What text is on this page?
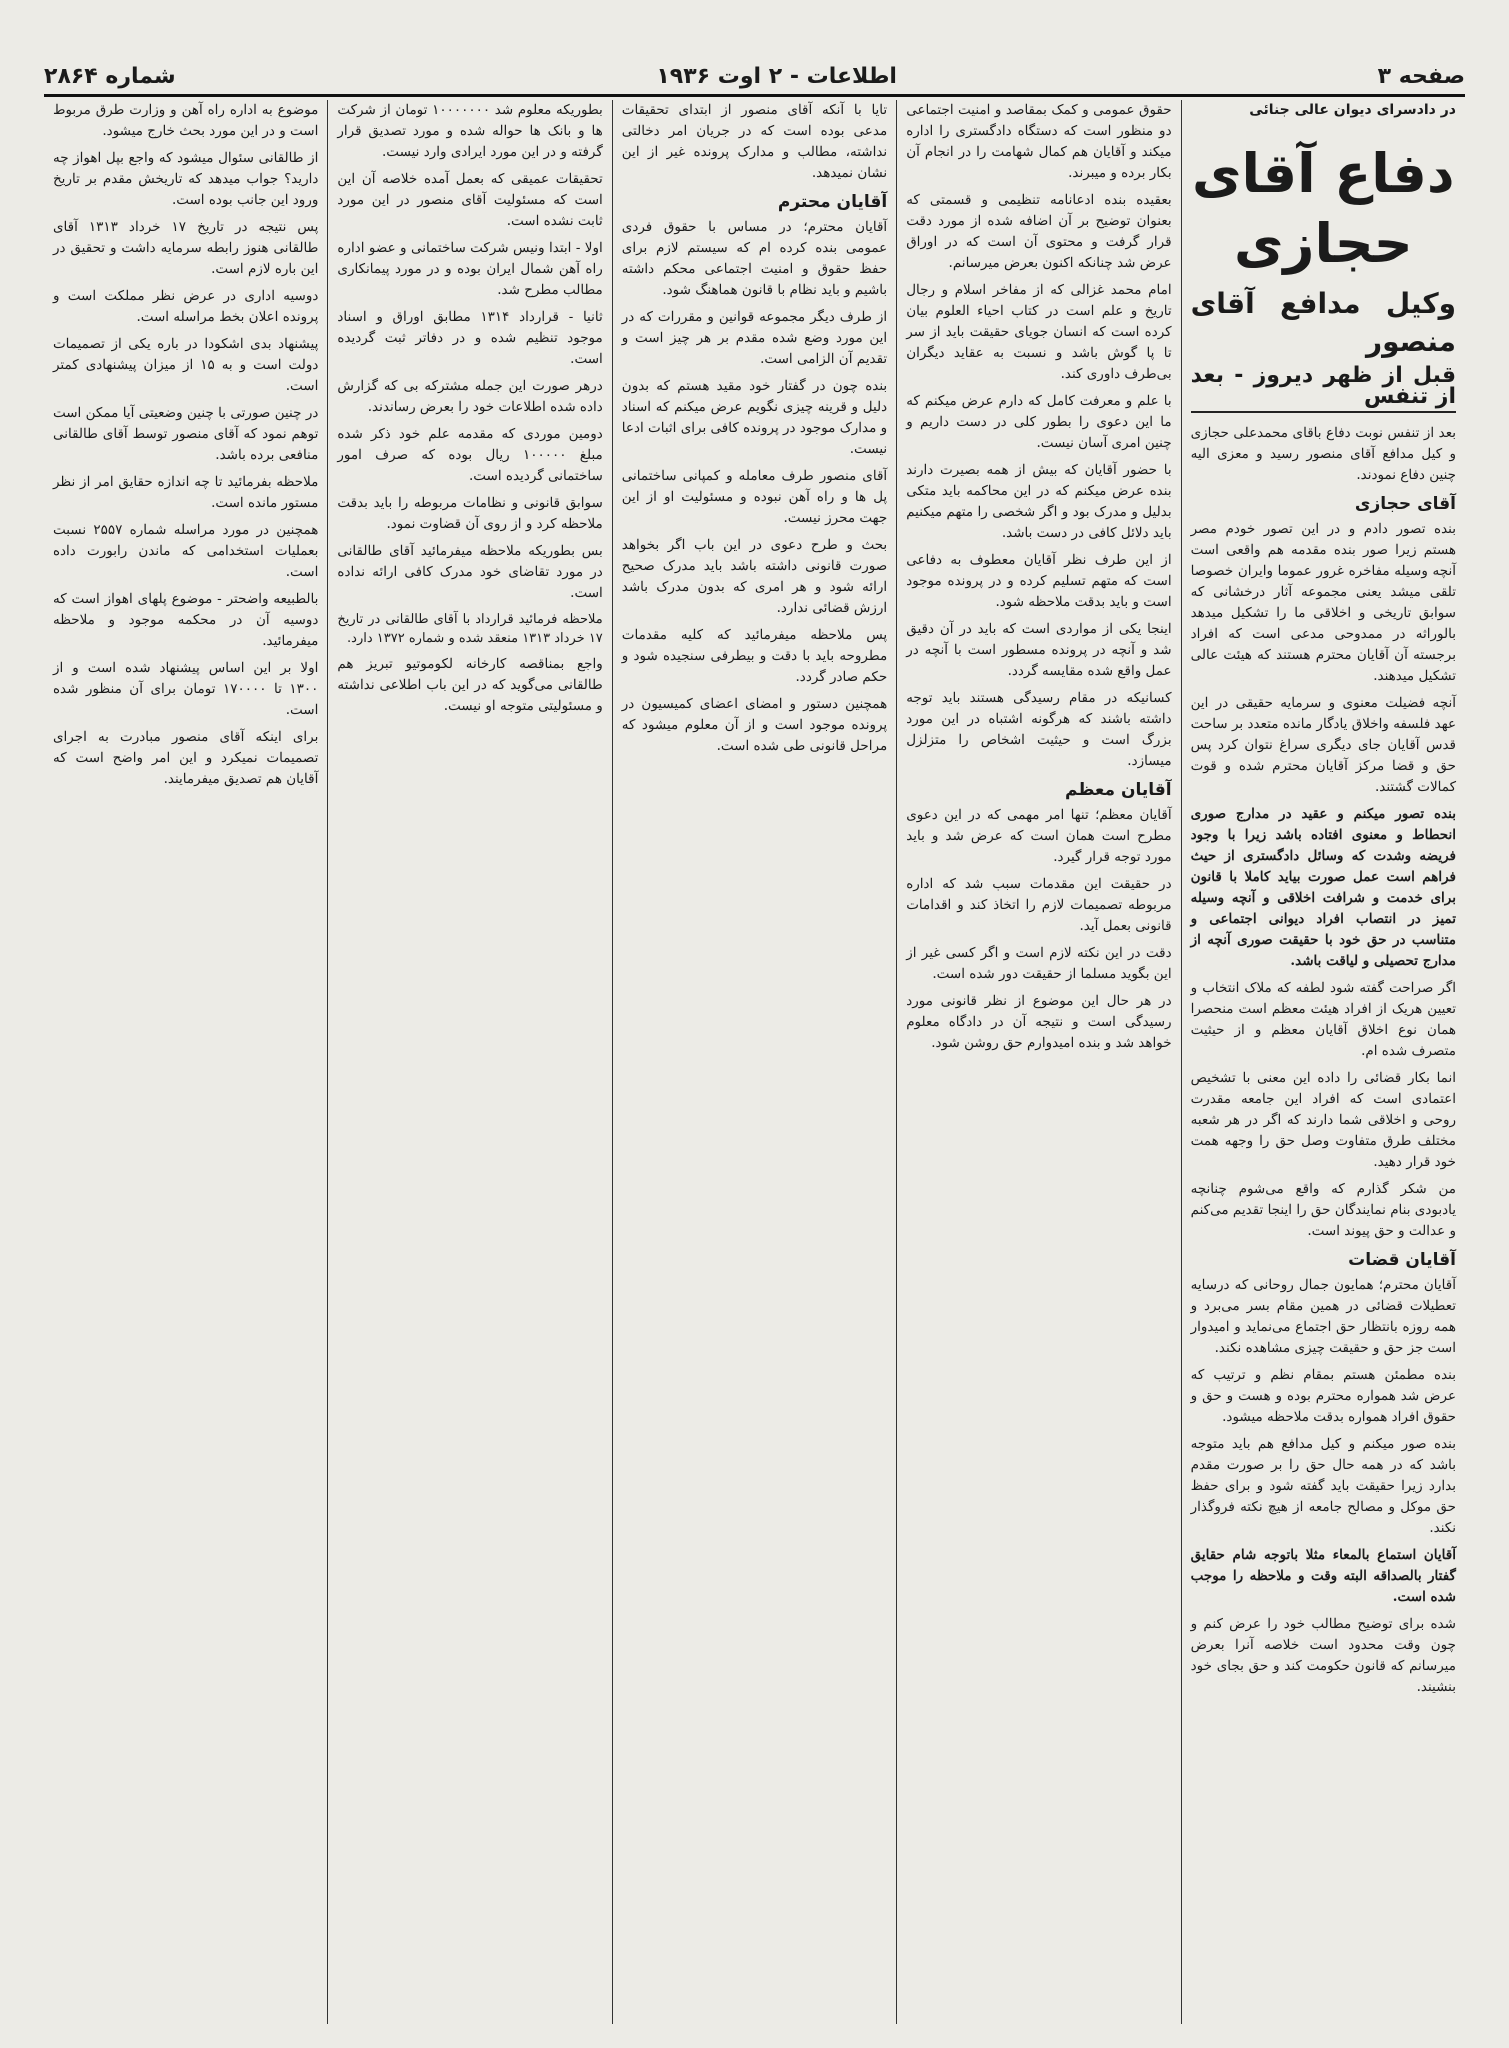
صفحه ۳
اطلاعات - ۲ اوت ۱۹۳۶
شماره ۲۸۶۴
در دادسرای دیوان عالی جنائی
دفاع آقای حجازی
وکیل مدافع آقای منصور
قبل از ظهر دیروز - بعد از تنفس

بعد از تنفس نوبت دفاع باقای محمدعلی حجازی و کیل مدافع آقای منصور رسید و معزی الیه چنین دفاع نمودند.

آقای حجازی

بنده تصور دادم و در این تصور خودم مصر هستم زیرا صور بنده مقدمه هم واقعی است آنچه وسیله مفاخره غرور عموما وایران خصوصا تلقی میشد یعنی مجموعه آثار درخشانی که سوابق تاریخی و اخلاقی ما را تشکیل میدهد بالوراثه در ممدوحی مدعی است که افراد برجسته آن آقایان محترم هستند که هیئت عالی تشکیل میدهند.

آنچه فضیلت معنوی و سرمایه حقیقی در این عهد فلسفه واخلاق یادگار مانده متعدد بر ساحت قدس آقایان جای دیگری سراغ نتوان کرد پس حق و قضا مرکز آقایان محترم شده و قوت کمالات گشتند.

بنده تصور میکنم و عقید در مدارج صوری انحطاط و معنوی افتاده باشد زیرا با وجود فریضه وشدت که وسائل دادگستری از حیث فراهم است عمل صورت بیاید کاملا با قانون برای خدمت و شرافت اخلاقی و آنچه وسیله تمیز در انتصاب افراد دیوانی اجتماعی و متناسب در حق خود با حقیقت صوری آنچه از مدارج تحصیلی و لیاقت باشد.

اگر صراحت گفته شود لطفه که ملاک انتخاب و تعیین هریک از افراد هیئت معظم است منحصرا همان نوع اخلاق آقایان معظم و از حیثیت متصرف شده ام.

انما بکار قضائی را داده این معنی با تشخیص اعتمادی است که افراد این جامعه مقدرت روحی و اخلاقی شما دارند که اگر در هر شعبه مختلف طرق متفاوت وصل حق را وجهه همت خود قرار دهید.

من شکر گذارم که واقع می‌شوم چنانچه یادبودی بنام نمایندگان حق را اینجا تقدیم می‌کنم و عدالت و حق پیوند است.

آقایان قضات

آقایان محترم؛ همایون جمال روحانی که درسایه تعطیلات قضائی در همین مقام بسر می‌برد و همه روزه بانتظار حق اجتماع می‌نماید و امیدوار است جز حق و حقیقت چیزی مشاهده نکند.

بنده مطمئن هستم بمقام نظم و ترتیب که عرض شد همواره محترم بوده و هست و حق و حقوق افراد همواره بدقت ملاحظه میشود.

بنده صور میکنم و کیل مدافع هم باید متوجه باشد که در همه حال حق را بر صورت مقدم بدارد زیرا حقیقت باید گفته شود و برای حفظ حق موکل و مصالح جامعه از هیچ نکته فروگذار نکند.

آقایان استماع بالمعاء مثلا باتوجه شام حقایق گفتار بالصداقه البته وقت و ملاحظه را موجب شده است.

شده برای توضیح مطالب خود را عرض کنم و چون وقت محدود است خلاصه آنرا بعرض میرسانم که قانون حکومت کند و حق بجای خود بنشیند.

حقوق عمومی و کمک بمقاصد و امنیت اجتماعی دو منظور است که دستگاه دادگستری را اداره میکند و آقایان هم کمال شهامت را در انجام آن بکار برده و میبرند.

بعقیده بنده ادعانامه تنظیمی و قسمتی که بعنوان توضیح بر آن اضافه شده از مورد دقت قرار گرفت و محتوی آن است که در اوراق عرض شد چنانکه اکنون بعرض میرسانم.

امام محمد غزالی که از مفاخر اسلام و رجال تاریخ و علم است در کتاب احیاء العلوم بیان کرده است که انسان جویای حقیقت باید از سر تا پا گوش باشد و نسبت به عقاید دیگران بی‌طرف داوری کند.

با علم و معرفت کامل که دارم عرض میکنم که ما این دعوی را بطور کلی در دست داریم و چنین امری آسان نیست.

با حضور آقایان که بیش از همه بصیرت دارند بنده عرض میکنم که در این محاکمه باید متکی بدلیل و مدرک بود و اگر شخصی را متهم میکنیم باید دلائل کافی در دست باشد.

از این طرف نظر آقایان معطوف به دفاعی است که متهم تسلیم کرده و در پرونده موجود است و باید بدقت ملاحظه شود.

اینجا یکی از مواردی است که باید در آن دقیق شد و آنچه در پرونده مسطور است با آنچه در عمل واقع شده مقایسه گردد.

کسانیکه در مقام رسیدگی هستند باید توجه داشته باشند که هرگونه اشتباه در این مورد بزرگ است و حیثیت اشخاص را متزلزل میسازد.

آقایان معظم

آقایان معظم؛ تنها امر مهمی که در این دعوی مطرح است همان است که عرض شد و باید مورد توجه قرار گیرد.

در حقیقت این مقدمات سبب شد که اداره مربوطه تصمیمات لازم را اتخاذ کند و اقدامات قانونی بعمل آید.

دقت در این نکته لازم است و اگر کسی غیر از این بگوید مسلما از حقیقت دور شده است.

در هر حال این موضوع از نظر قانونی مورد رسیدگی است و نتیجه آن در دادگاه معلوم خواهد شد و بنده امیدوارم حق روشن شود.

تایا با آنکه آقای منصور از ابتدای تحقیقات مدعی بوده است که در جریان امر دخالتی نداشته، مطالب و مدارک پرونده غیر از این نشان نمیدهد.

آقایان محترم

آقایان محترم؛ در مساس با حقوق فردی عمومی بنده کرده ام که سیستم لازم برای حفظ حقوق و امنیت اجتماعی محکم داشته باشیم و باید نظام با قانون هماهنگ شود.

از طرف دیگر مجموعه قوانین و مقررات که در این مورد وضع شده مقدم بر هر چیز است و تقدیم آن الزامی است.

بنده چون در گفتار خود مقید هستم که بدون دلیل و قرینه چیزی نگویم عرض میکنم که اسناد و مدارک موجود در پرونده کافی برای اثبات ادعا نیست.

آقای منصور طرف معامله و کمپانی ساختمانی پل ها و راه آهن نبوده و مسئولیت او از این جهت محرز نیست.

بحث و طرح دعوی در این باب اگر بخواهد صورت قانونی داشته باشد باید مدرک صحیح ارائه شود و هر امری که بدون مدرک باشد ارزش قضائی ندارد.

پس ملاحظه میفرمائید که کلیه مقدمات مطروحه باید با دقت و بیطرفی سنجیده شود و حکم صادر گردد.

همچنین دستور و امضای اعضای کمیسیون در پرونده موجود است و از آن معلوم میشود که مراحل قانونی طی شده است.

بطوریکه معلوم شد ۱۰۰۰۰۰۰۰ تومان از شرکت ها و بانک ها حواله شده و مورد تصدیق قرار گرفته و در این مورد ایرادی وارد نیست.

تحقیقات عمیقی که بعمل آمده خلاصه آن این است که مسئولیت آقای منصور در این مورد ثابت نشده است.

اولا - ابتدا ونیس شرکت ساختمانی و عضو اداره راه آهن شمال ایران بوده و در مورد پیمانکاری مطالب مطرح شد.

ثانیا - قرارداد ۱۳۱۴ مطابق اوراق و اسناد موجود تنظیم شده و در دفاتر ثبت گردیده است.

درهر صورت این جمله مشترکه بی که گزارش داده شده اطلاعات خود را بعرض رساندند.

دومین موردی که مقدمه علم خود ذکر شده مبلغ ۱۰۰۰۰۰ ریال بوده که صرف امور ساختمانی گردیده است.

سوابق قانونی و نظامات مربوطه را باید بدقت ملاحظه کرد و از روی آن قضاوت نمود.

بس بطوریکه ملاحظه میفرمائید آقای طالقانی در مورد تقاضای خود مدرک کافی ارائه نداده است.

ملاحظه فرمائید قرارداد با آقای طالقانی در تاریخ ۱۷ خرداد ۱۳۱۳ منعقد شده و شماره ۱۳۷۲ دارد.

واجع بمناقصه کارخانه لکوموتیو تبریز هم طالقانی می‌گوید که در این باب اطلاعی نداشته و مسئولیتی متوجه او نیست.

موضوع به اداره راه آهن و وزارت طرق مربوط است و در این مورد بحث خارج میشود.

از طالقانی سئوال میشود که واجع بپل اهواز چه دارید؟ جواب میدهد که تاریخش مقدم بر تاریخ ورود این جانب بوده است.

پس نتیجه در تاریخ ۱۷ خرداد ۱۳۱۳ آقای طالقانی هنوز رابطه سرمایه داشت و تحقیق در این باره لازم است.

دوسیه اداری در عرض نظر مملکت است و پرونده اعلان بخط مراسله است.

پیشنهاد بدی اشکودا در باره یکی از تصمیمات دولت است و به ۱۵ از میزان پیشنهادی کمتر است.

در چنین صورتی با چنین وضعیتی آیا ممکن است توهم نمود که آقای منصور توسط آقای طالقانی منافعی برده باشد.

ملاحظه بفرمائید تا چه اندازه حقایق امر از نظر مستور مانده است.

همچنین در مورد مراسله شماره ۲۵۵۷ نسبت بعملیات استخدامی که ماندن رابورت داده است.

بالطبیعه واضحتر - موضوع پلهای اهواز است که دوسیه آن در محکمه موجود و ملاحظه میفرمائید.

اولا بر این اساس پیشنهاد شده است و از ۱۳۰۰ تا ۱۷۰۰۰۰ تومان برای آن منظور شده است.

برای اینکه آقای منصور مبادرت به اجرای تصمیمات نمیکرد و این امر واضح است که آقایان هم تصدیق میفرمایند.
